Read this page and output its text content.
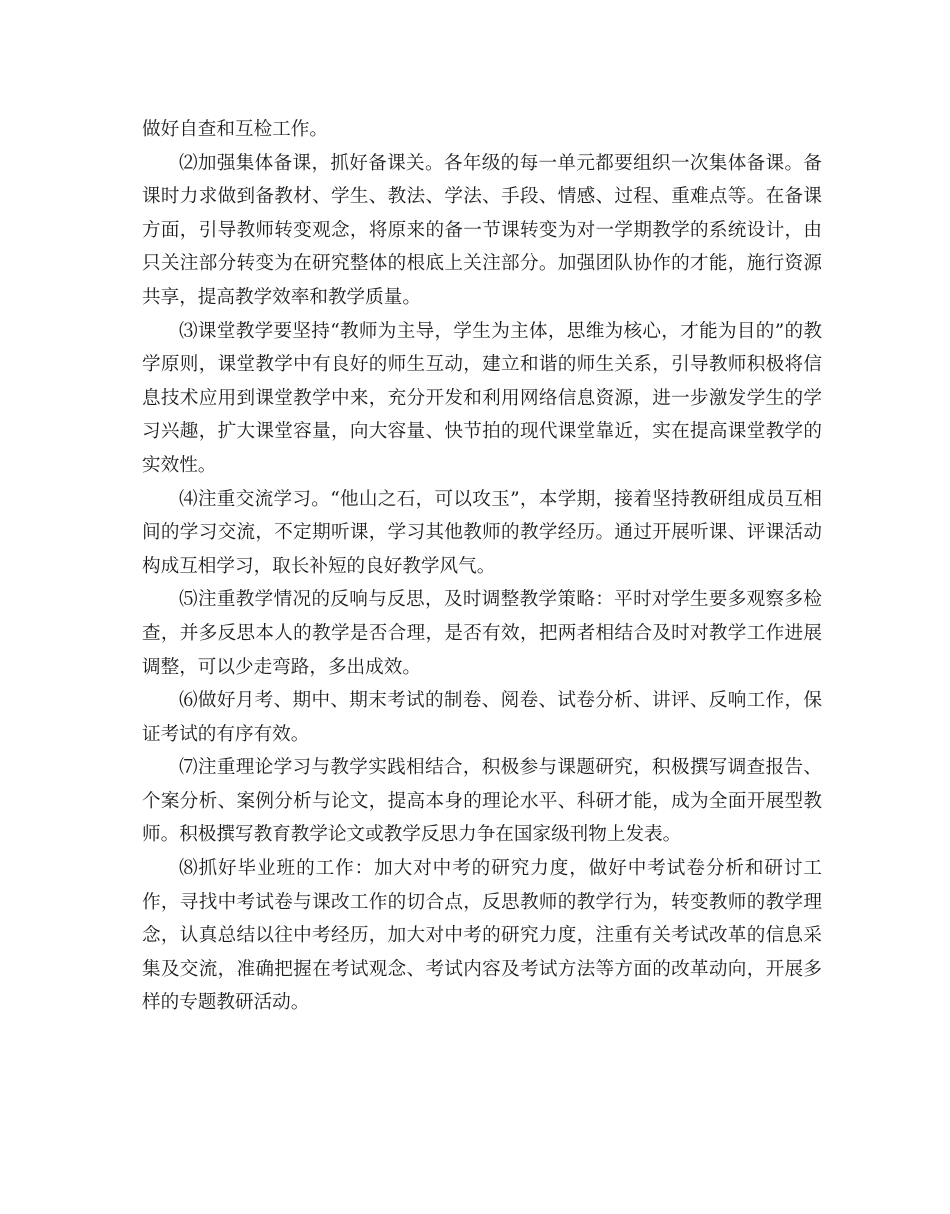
做好自查和互检工作。

⑵加强集体备课，抓好备课关。各年级的每一单元都要组织一次集体备课。备课时力求做到备教材、学生、教法、学法、手段、情感、过程、重难点等。在备课方面，引导教师转变观念，将原来的备一节课转变为对一学期教学的系统设计，由只关注部分转变为在研究整体的根底上关注部分。加强团队协作的才能，施行资源共享，提高教学效率和教学质量。

⑶课堂教学要坚持“教师为主导，学生为主体，思维为核心，才能为目的”的教学原则，课堂教学中有良好的师生互动，建立和谐的师生关系，引导教师积极将信息技术应用到课堂教学中来，充分开发和利用网络信息资源，进一步激发学生的学习兴趣，扩大课堂容量，向大容量、快节拍的现代课堂靠近，实在提高课堂教学的实效性。

⑷注重交流学习。“他山之石，可以攻玉”，本学期，接着坚持教研组成员互相间的学习交流，不定期听课，学习其他教师的教学经历。通过开展听课、评课活动构成互相学习，取长补短的良好教学风气。

⑸注重教学情况的反响与反思，及时调整教学策略：平时对学生要多观察多检查，并多反思本人的教学是否合理，是否有效，把两者相结合及时对教学工作进展调整，可以少走弯路，多出成效。

⑹做好月考、期中、期末考试的制卷、阅卷、试卷分析、讲评、反响工作，保证考试的有序有效。

⑺注重理论学习与教学实践相结合，积极参与课题研究，积极撰写调查报告、个案分析、案例分析与论文，提高本身的理论水平、科研才能，成为全面开展型教师。积极撰写教育教学论文或教学反思力争在国家级刊物上发表。

⑻抓好毕业班的工作：加大对中考的研究力度，做好中考试卷分析和研讨工作，寻找中考试卷与课改工作的切合点，反思教师的教学行为，转变教师的教学理念，认真总结以往中考经历，加大对中考的研究力度，注重有关考试改革的信息采集及交流，准确把握在考试观念、考试内容及考试方法等方面的改革动向，开展多样的专题教研活动。
